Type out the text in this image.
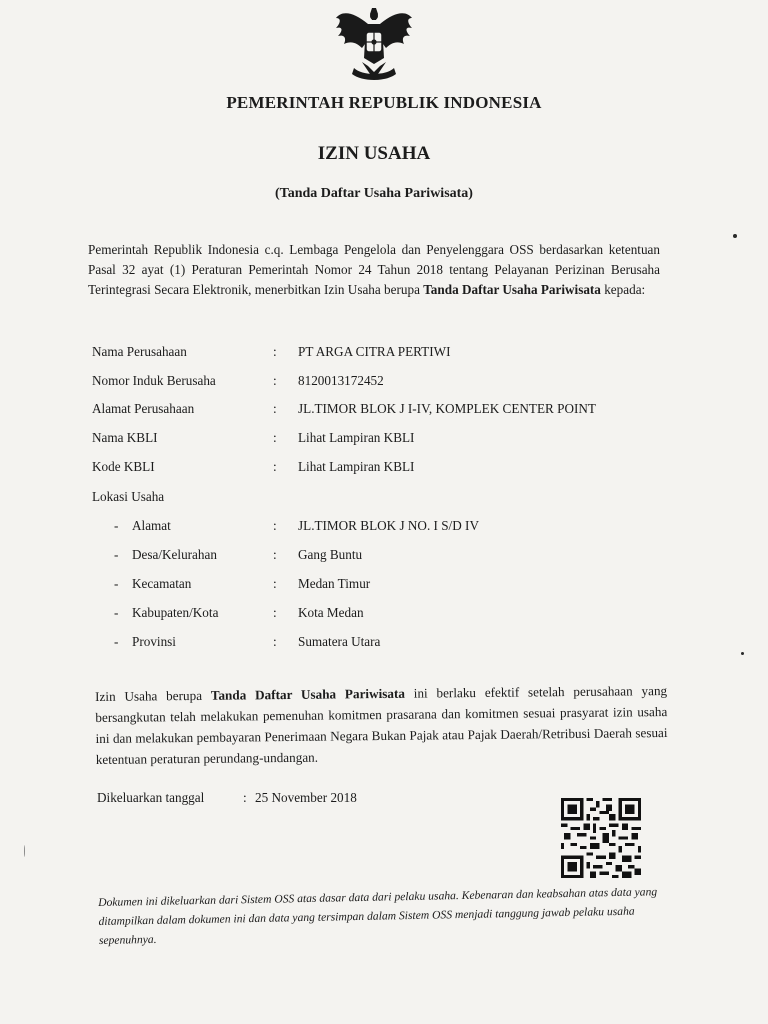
PEMERINTAH REPUBLIK INDONESIA
IZIN USAHA
(Tanda Daftar Usaha Pariwisata)
Pemerintah Republik Indonesia c.q. Lembaga Pengelola dan Penyelenggara OSS berdasarkan ketentuan Pasal 32 ayat (1) Peraturan Pemerintah Nomor 24 Tahun 2018 tentang Pelayanan Perizinan Berusaha Terintegrasi Secara Elektronik, menerbitkan Izin Usaha berupa Tanda Daftar Usaha Pariwisata kepada:
Nama Perusahaan	: PT ARGA CITRA PERTIWI
Nomor Induk Berusaha	: 8120013172452
Alamat Perusahaan	: JL.TIMOR BLOK J I-IV, KOMPLEK CENTER POINT
Nama KBLI	: Lihat Lampiran KBLI
Kode KBLI	: Lihat Lampiran KBLI
Lokasi Usaha
- Alamat	: JL.TIMOR BLOK J NO. I S/D IV
- Desa/Kelurahan	: Gang Buntu
- Kecamatan	: Medan Timur
- Kabupaten/Kota	: Kota Medan
- Provinsi	: Sumatera Utara
Izin Usaha berupa Tanda Daftar Usaha Pariwisata ini berlaku efektif setelah perusahaan yang bersangkutan telah melakukan pemenuhan komitmen prasarana dan komitmen sesuai prasyarat izin usaha ini dan melakukan pembayaran Penerimaan Negara Bukan Pajak atau Pajak Daerah/Retribusi Daerah sesuai ketentuan peraturan perundang-undangan.
Dikeluarkan tanggal	: 25 November 2018
Dokumen ini dikeluarkan dari Sistem OSS atas dasar data dari pelaku usaha. Kebenaran dan keabsahan atas data yang ditampilkan dalam dokumen ini dan data yang tersimpan dalam Sistem OSS menjadi tanggung jawab pelaku usaha sepenuhnya.
